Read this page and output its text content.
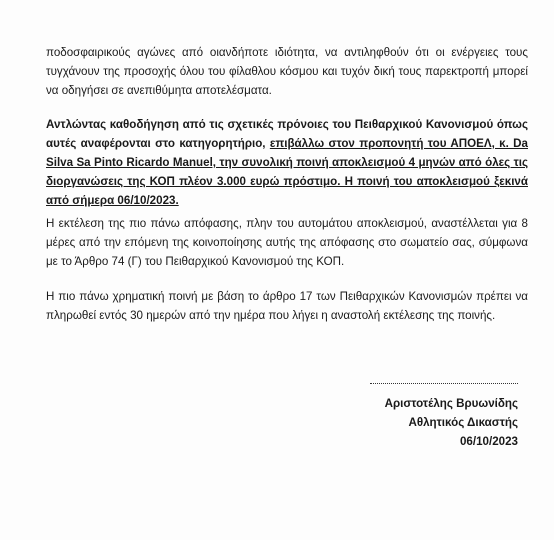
ποδοσφαιρικούς αγώνες από οιανδήποτε ιδιότητα, να αντιληφθούν ότι οι ενέργειες τους τυγχάνουν της προσοχής όλου του φίλαθλου κόσμου και τυχόν δική τους παρεκτροπή μπορεί να οδηγήσει σε ανεπιθύμητα αποτελέσματα.

Αντλώντας καθοδήγηση από τις σχετικές πρόνοιες του Πειθαρχικού Κανονισμού όπως αυτές αναφέρονται στο κατηγορητήριο, επιβάλλω στον προπονητή του ΑΠΟΕΛ, κ. Da Silva Sa Pinto Ricardo Manuel, την συνολική ποινή αποκλεισμού 4 μηνών από όλες τις διοργανώσεις της ΚΟΠ πλέον 3.000 ευρώ πρόστιμο. Η ποινή του αποκλεισμού ξεκινά από σήμερα 06/10/2023.

Η εκτέλεση της πιο πάνω απόφασης, πλην του αυτομάτου αποκλεισμού, αναστέλλεται για 8 μέρες από την επόμενη της κοινοποίησης αυτής της απόφασης στο σωματείο σας, σύμφωνα με το Άρθρο 74 (Γ) του Πειθαρχικού Κανονισμού της ΚΟΠ.

Η πιο πάνω χρηματική ποινή με βάση το άρθρο 17 των Πειθαρχικών Κανονισμών πρέπει να πληρωθεί εντός 30 ημερών από την ημέρα που λήγει η αναστολή εκτέλεσης της ποινής.

Αριστοτέλης Βρυωνίδης
Αθλητικός Δικαστής
06/10/2023
